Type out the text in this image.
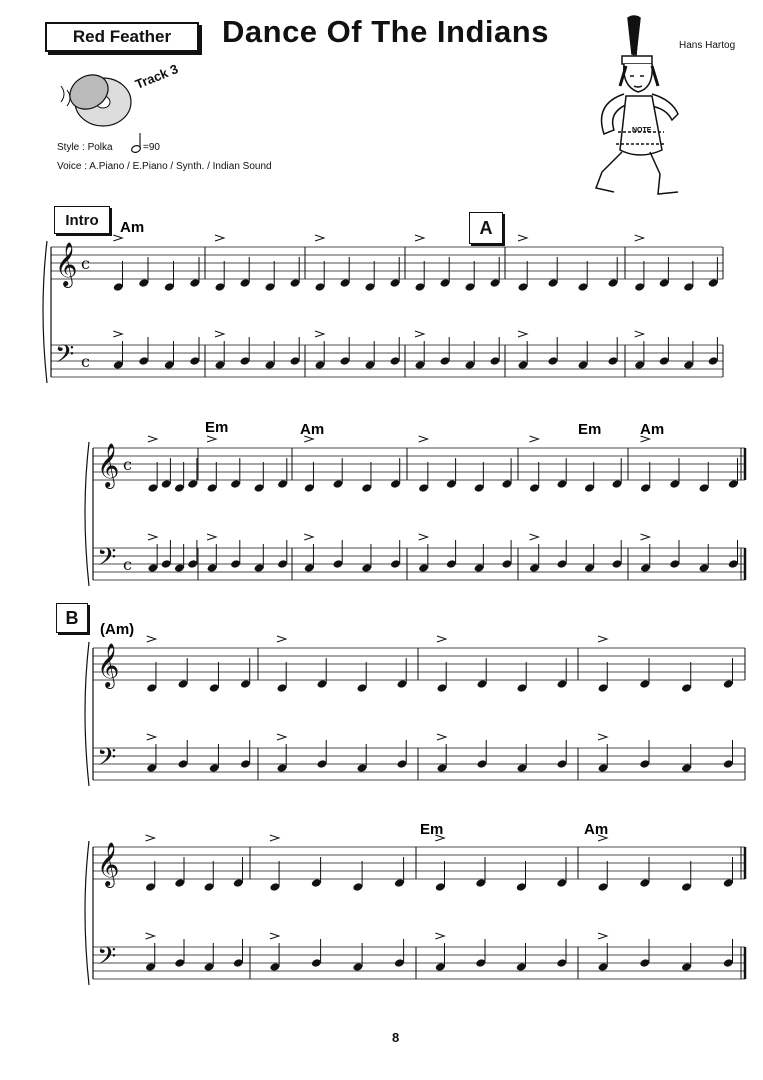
Red Feather	Dance Of The Indians	Hans Hartog
Track 3
Style : Polka	=90
Voice : A.Piano / E.Piano / Synth. / Indian Sound
NOTE
Intro	A
B
𝄞 c
𝄢 c
𝄞 c
𝄢 c
𝄞
𝄢
𝄞
𝄢
Am
Em	Am	Em	Am
(Am)
Em	Am
8
